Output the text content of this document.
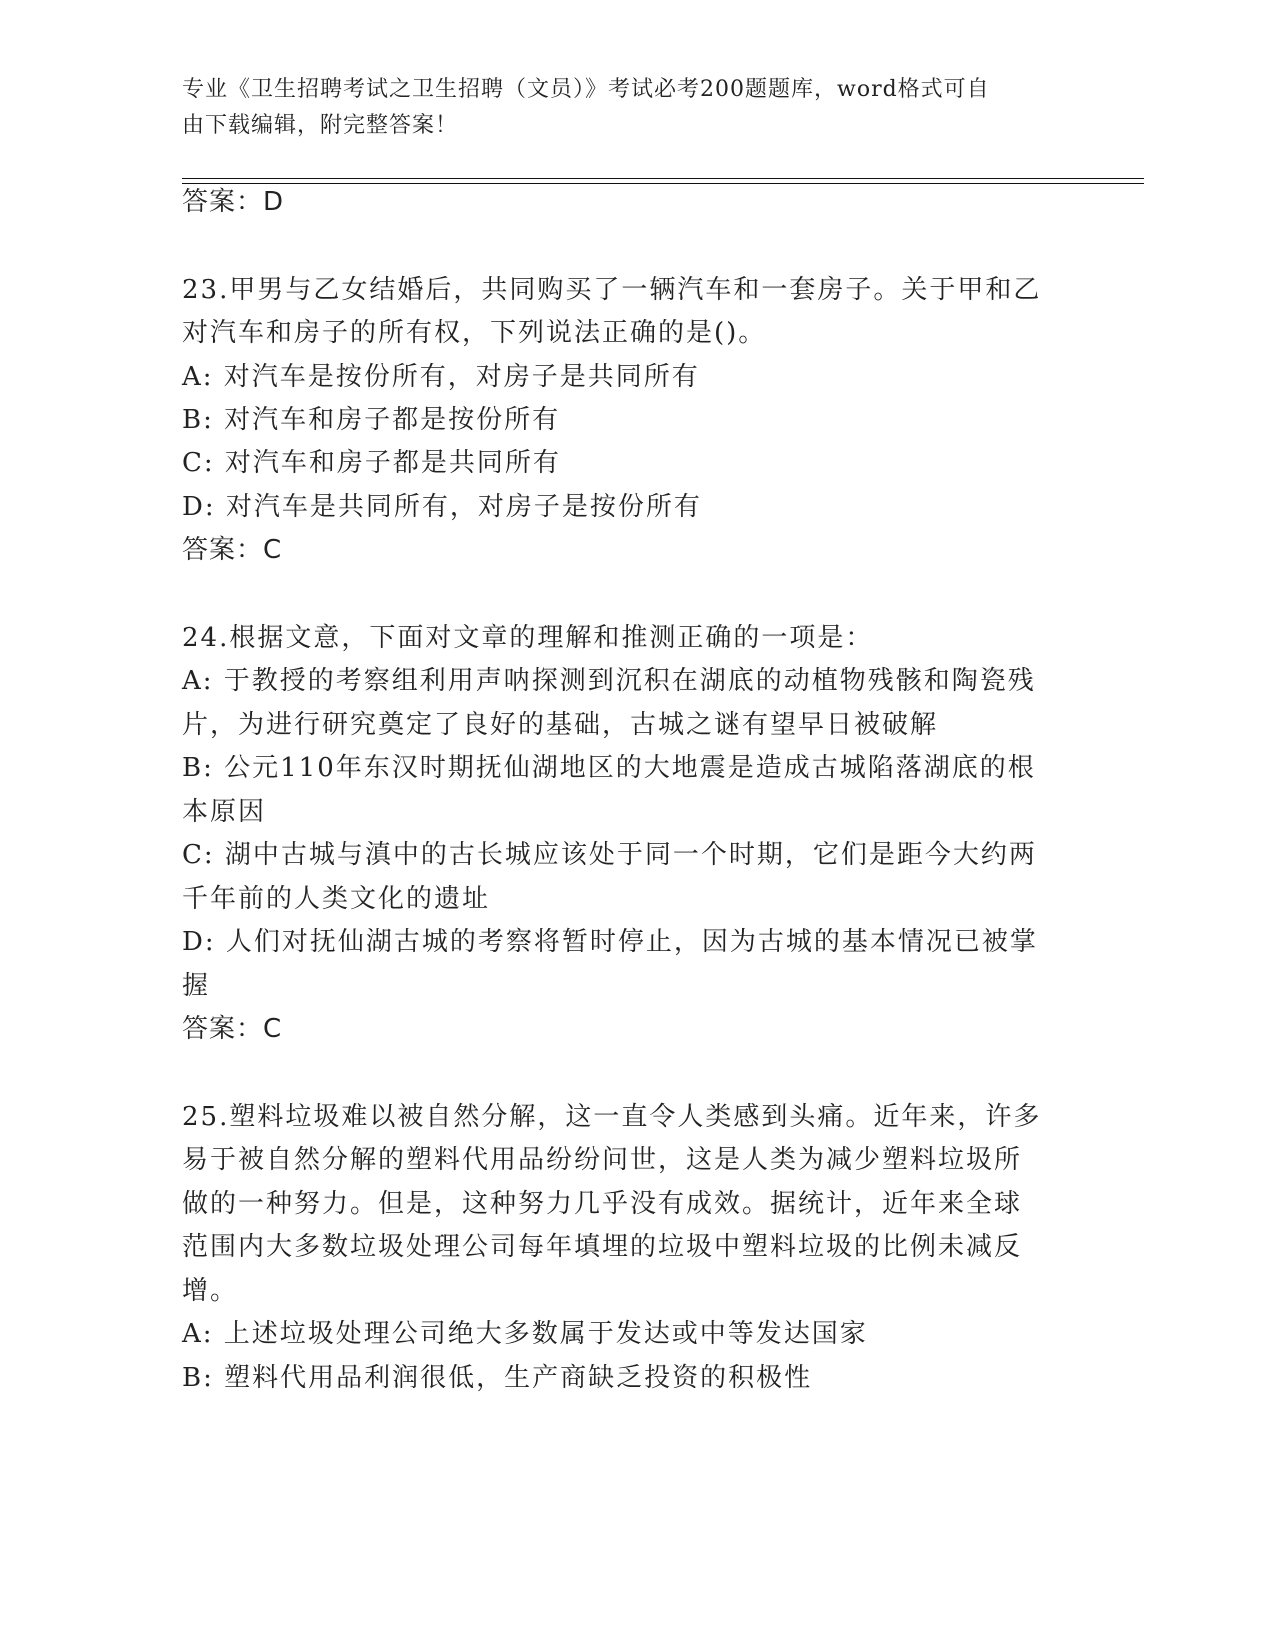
专业《卫生招聘考试之卫生招聘（文员）》考试必考200题题库，word格式可自
由下载编辑，附完整答案！
答案：D
23.甲男与乙女结婚后，共同购买了一辆汽车和一套房子。关于甲和乙
对汽车和房子的所有权，下列说法正确的是()。
A: 对汽车是按份所有，对房子是共同所有
B: 对汽车和房子都是按份所有
C: 对汽车和房子都是共同所有
D: 对汽车是共同所有，对房子是按份所有
答案：C
24.根据文意，下面对文章的理解和推测正确的一项是：
A: 于教授的考察组利用声呐探测到沉积在湖底的动植物残骸和陶瓷残
片，为进行研究奠定了良好的基础，古城之谜有望早日被破解
B: 公元110年东汉时期抚仙湖地区的大地震是造成古城陷落湖底的根
本原因
C: 湖中古城与滇中的古长城应该处于同一个时期，它们是距今大约两
千年前的人类文化的遗址
D: 人们对抚仙湖古城的考察将暂时停止，因为古城的基本情况已被掌
握
答案：C
25.塑料垃圾难以被自然分解，这一直令人类感到头痛。近年来，许多
易于被自然分解的塑料代用品纷纷问世，这是人类为减少塑料垃圾所
做的一种努力。但是，这种努力几乎没有成效。据统计，近年来全球
范围内大多数垃圾处理公司每年填埋的垃圾中塑料垃圾的比例未减反
增。
A: 上述垃圾处理公司绝大多数属于发达或中等发达国家
B: 塑料代用品利润很低，生产商缺乏投资的积极性
